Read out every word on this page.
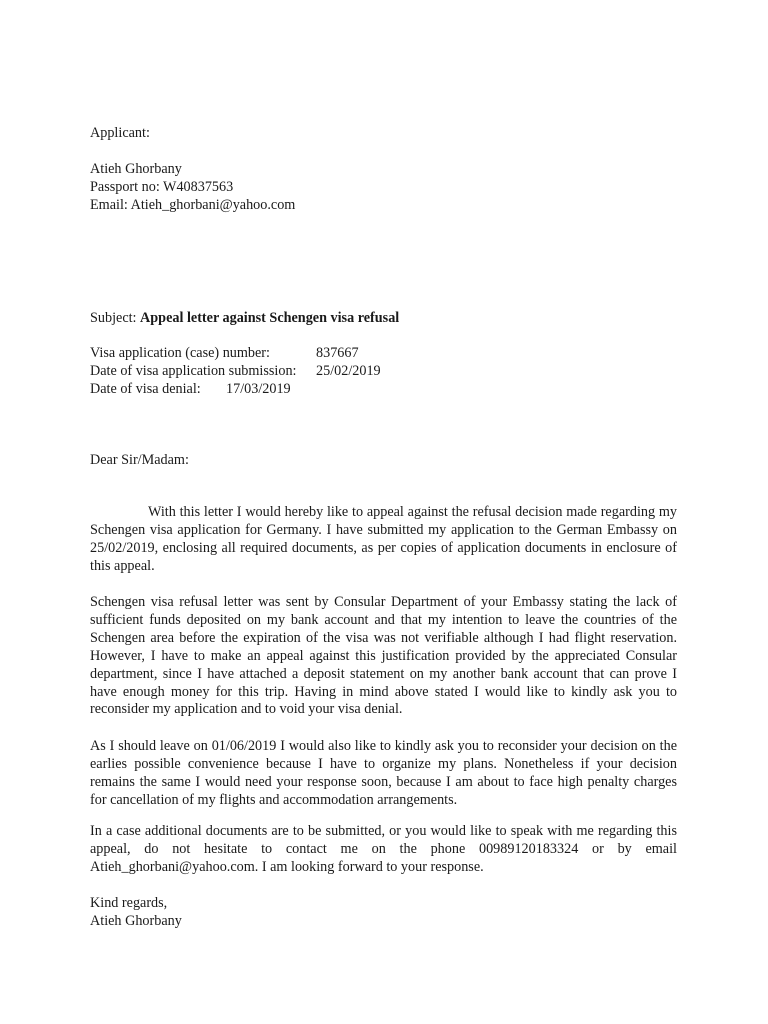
Applicant:
Atieh Ghorbany
Passport no: W40837563
Email: Atieh_ghorbani@yahoo.com
Subject: Appeal letter against Schengen visa refusal
Visa application (case) number:	837667
Date of visa application submission: 25/02/2019
Date of visa denial: 17/03/2019
Dear Sir/Madam:

With this letter I would hereby like to appeal against the refusal decision made regarding my Schengen visa application for Germany. I have submitted my application to the German Embassy on 25/02/2019, enclosing all required documents, as per copies of application documents in enclosure of this appeal.

Schengen visa refusal letter was sent by Consular Department of your Embassy stating the lack of sufficient funds deposited on my bank account and that my intention to leave the countries of the Schengen area before the expiration of the visa was not verifiable although I had flight reservation. However, I have to make an appeal against this justification provided by the appreciated Consular department, since I have attached a deposit statement on my another bank account that can prove I have enough money for this trip. Having in mind above stated I would like to kindly ask you to reconsider my application and to void your visa denial.

As I should leave on 01/06/2019 I would also like to kindly ask you to reconsider your decision on the earlies possible convenience because I have to organize my plans. Nonetheless if your decision remains the same I would need your response soon, because I am about to face high penalty charges for cancellation of my flights and accommodation arrangements.

In a case additional documents are to be submitted, or you would like to speak with me regarding this appeal, do not hesitate to contact me on the phone 00989120183324 or by email Atieh_ghorbani@yahoo.com. I am looking forward to your response.

Kind regards,
Atieh Ghorbany
